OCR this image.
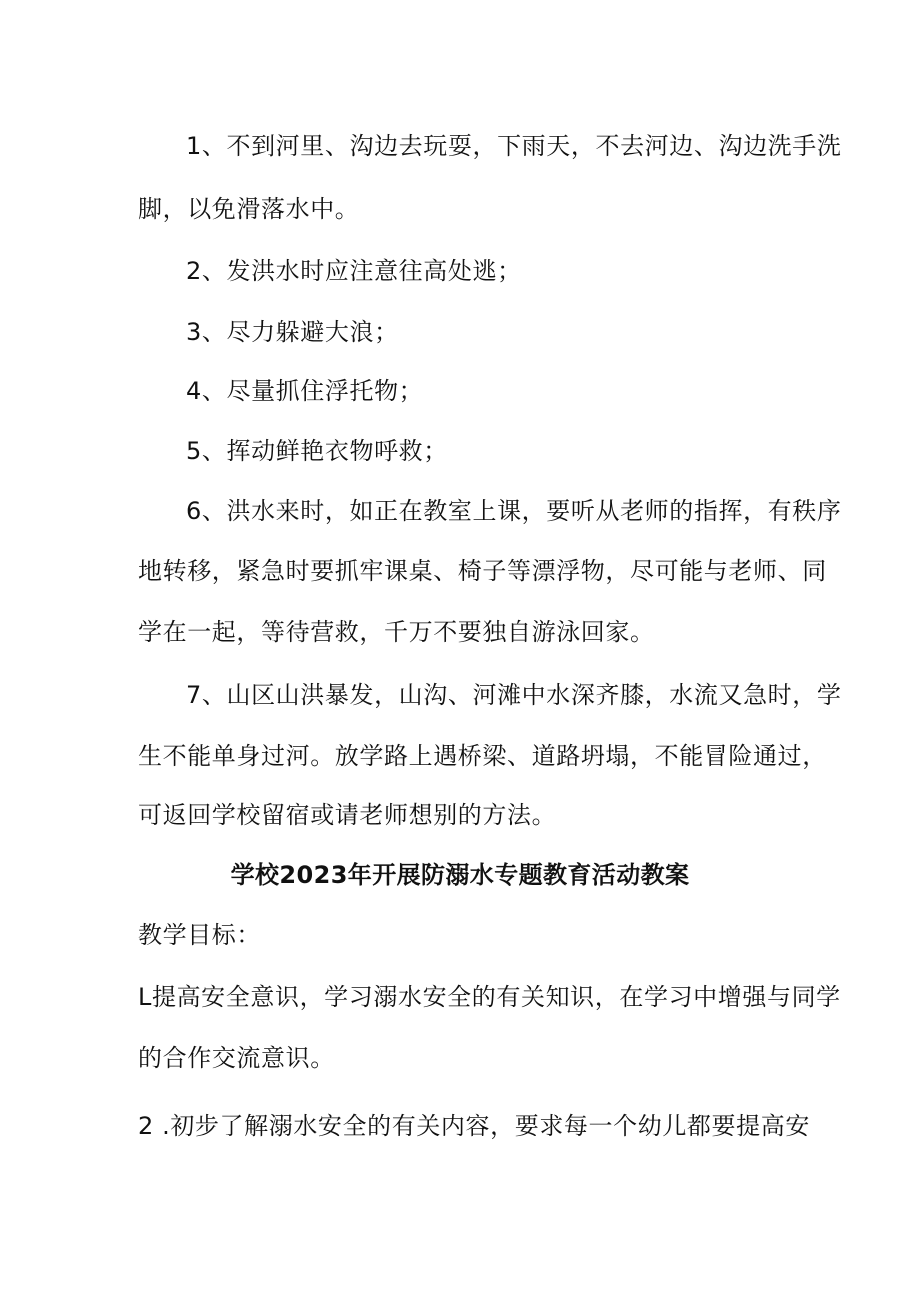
1、不到河里、沟边去玩耍，下雨天，不去河边、沟边洗手洗
脚，以免滑落水中。
2、发洪水时应注意往高处逃；
3、尽力躲避大浪；
4、尽量抓住浮托物；
5、挥动鲜艳衣物呼救；
6、洪水来时，如正在教室上课，要听从老师的指挥，有秩序
地转移，紧急时要抓牢课桌、椅子等漂浮物，尽可能与老师、同
学在一起，等待营救，千万不要独自游泳回家。
7、山区山洪暴发，山沟、河滩中水深齐膝，水流又急时，学
生不能单身过河。放学路上遇桥梁、道路坍塌，不能冒险通过，
可返回学校留宿或请老师想别的方法。
学校2023年开展防溺水专题教育活动教案
教学目标：
L提高安全意识，学习溺水安全的有关知识，在学习中增强与同学
的合作交流意识。
2 .初步了解溺水安全的有关内容，要求每一个幼儿都要提高安
